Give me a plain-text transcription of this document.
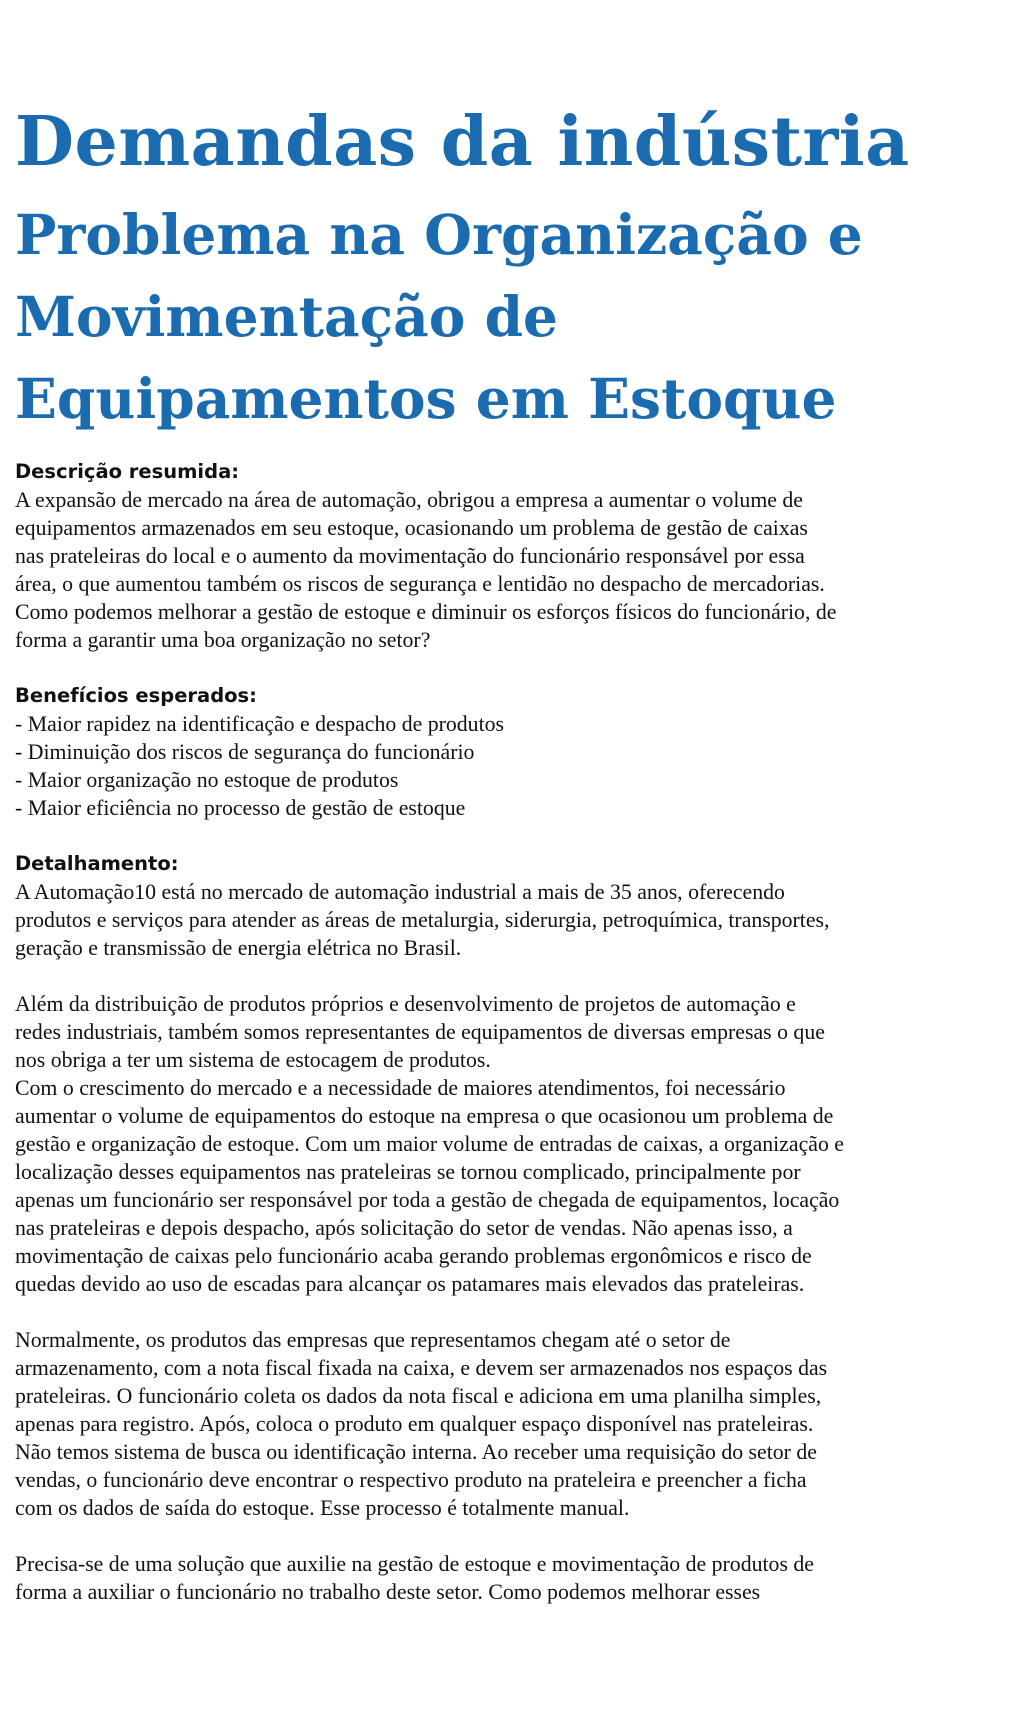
Demandas da indústria
Problema na Organização e
Movimentação de
Equipamentos em Estoque

Descrição resumida:

A expansão de mercado na área de automação, obrigou a empresa a aumentar o volume de

equipamentos armazenados em seu estoque, ocasionando um problema de gestão de caixas

nas prateleiras do local e o aumento da movimentação do funcionário responsável por essa

área, o que aumentou também os riscos de segurança e lentidão no despacho de mercadorias.

Como podemos melhorar a gestão de estoque e diminuir os esforços físicos do funcionário, de

forma a garantir uma boa organização no setor?

Benefícios esperados:

- Maior rapidez na identificação e despacho de produtos
- Diminuição dos riscos de segurança do funcionário
- Maior organização no estoque de produtos
- Maior eficiência no processo de gestão de estoque

Detalhamento:

A Automação10 está no mercado de automação industrial a mais de 35 anos, oferecendo

produtos e serviços para atender as áreas de metalurgia, siderurgia, petroquímica, transportes,

geração e transmissão de energia elétrica no Brasil.

Além da distribuição de produtos próprios e desenvolvimento de projetos de automação e

redes industriais, também somos representantes de equipamentos de diversas empresas o que

nos obriga a ter um sistema de estocagem de produtos.

Com o crescimento do mercado e a necessidade de maiores atendimentos, foi necessário

aumentar o volume de equipamentos do estoque na empresa o que ocasionou um problema de

gestão e organização de estoque. Com um maior volume de entradas de caixas, a organização e

localização desses equipamentos nas prateleiras se tornou complicado, principalmente por

apenas um funcionário ser responsável por toda a gestão de chegada de equipamentos, locação

nas prateleiras e depois despacho, após solicitação do setor de vendas. Não apenas isso, a

movimentação de caixas pelo funcionário acaba gerando problemas ergonômicos e risco de

quedas devido ao uso de escadas para alcançar os patamares mais elevados das prateleiras.

Normalmente, os produtos das empresas que representamos chegam até o setor de

armazenamento, com a nota fiscal fixada na caixa, e devem ser armazenados nos espaços das

prateleiras. O funcionário coleta os dados da nota fiscal e adiciona em uma planilha simples,

apenas para registro. Após, coloca o produto em qualquer espaço disponível nas prateleiras.

Não temos sistema de busca ou identificação interna. Ao receber uma requisição do setor de

vendas, o funcionário deve encontrar o respectivo produto na prateleira e preencher a ficha

com os dados de saída do estoque. Esse processo é totalmente manual.

Precisa-se de uma solução que auxilie na gestão de estoque e movimentação de produtos de

forma a auxiliar o funcionário no trabalho deste setor. Como podemos melhorar esses
